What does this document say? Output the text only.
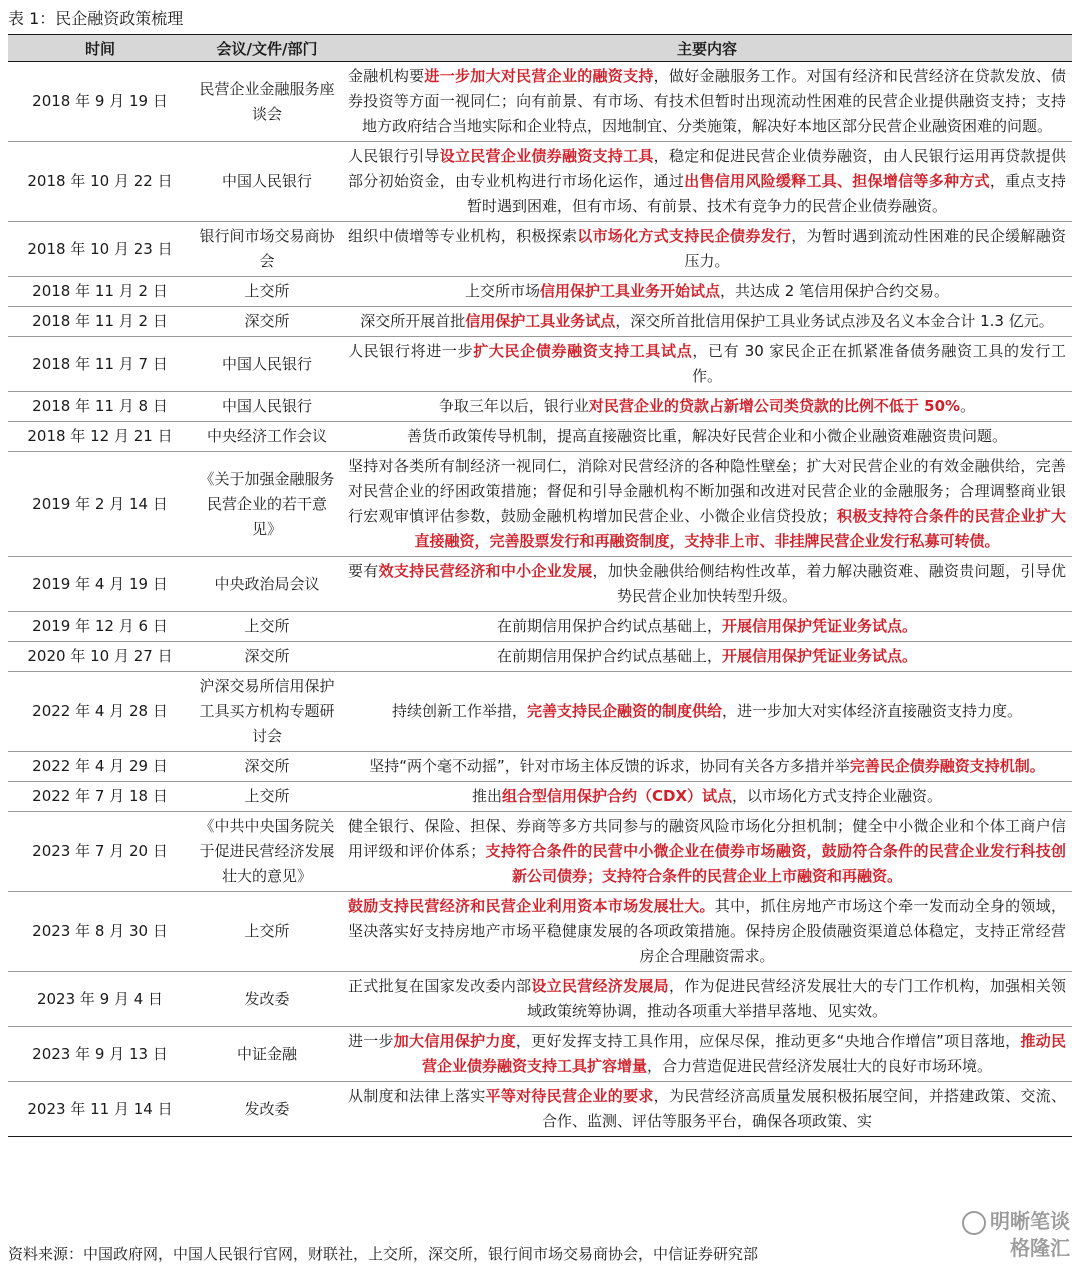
表 1：民企融资政策梳理
时间	会议/文件/部门	主要内容
2018 年 9 月 19 日	民营企业金融服务座谈会	金融机构要进一步加大对民营企业的融资支持，做好金融服务工作。对国有经济和民营经济在贷款发放、债券投资等方面一视同仁；向有前景、有市场、有技术但暂时出现流动性困难的民营企业提供融资支持；支持地方政府结合当地实际和企业特点，因地制宜、分类施策，解决好本地区部分民营企业融资困难的问题。
2018 年 10 月 22 日	中国人民银行	人民银行引导设立民营企业债券融资支持工具，稳定和促进民营企业债券融资，由人民银行运用再贷款提供部分初始资金，由专业机构进行市场化运作，通过出售信用风险缓释工具、担保增信等多种方式，重点支持暂时遇到困难，但有市场、有前景、技术有竞争力的民营企业债券融资。
2018 年 10 月 23 日	银行间市场交易商协会	组织中债增等专业机构，积极探索以市场化方式支持民企债券发行，为暂时遇到流动性困难的民企缓解融资压力。
2018 年 11 月 2 日	上交所	上交所市场信用保护工具业务开始试点，共达成 2 笔信用保护合约交易。
2018 年 11 月 2 日	深交所	深交所开展首批信用保护工具业务试点，深交所首批信用保护工具业务试点涉及名义本金合计 1.3 亿元。
2018 年 11 月 7 日	中国人民银行	人民银行将进一步扩大民企债券融资支持工具试点，已有 30 家民企正在抓紧准备债务融资工具的发行工作。
2018 年 11 月 8 日	中国人民银行	争取三年以后，银行业对民营企业的贷款占新增公司类贷款的比例不低于 50%。
2018 年 12 月 21 日	中央经济工作会议	善货币政策传导机制，提高直接融资比重，解决好民营企业和小微企业融资难融资贵问题。
2019 年 2 月 14 日	《关于加强金融服务民营企业的若干意见》	坚持对各类所有制经济一视同仁，消除对民营经济的各种隐性壁垒；扩大对民营企业的有效金融供给，完善对民营企业的纾困政策措施；督促和引导金融机构不断加强和改进对民营企业的金融服务；合理调整商业银行宏观审慎评估参数，鼓励金融机构增加民营企业、小微企业信贷投放；积极支持符合条件的民营企业扩大直接融资，完善股票发行和再融资制度，支持非上市、非挂牌民营企业发行私募可转债。
2019 年 4 月 19 日	中央政治局会议	要有效支持民营经济和中小企业发展，加快金融供给侧结构性改革，着力解决融资难、融资贵问题，引导优势民营企业加快转型升级。
2019 年 12 月 6 日	上交所	在前期信用保护合约试点基础上，开展信用保护凭证业务试点。
2020 年 10 月 27 日	深交所	在前期信用保护合约试点基础上，开展信用保护凭证业务试点。
2022 年 4 月 28 日	沪深交易所信用保护工具买方机构专题研讨会	持续创新工作举措，完善支持民企融资的制度供给，进一步加大对实体经济直接融资支持力度。
2022 年 4 月 29 日	深交所	坚持“两个毫不动摇”，针对市场主体反馈的诉求，协同有关各方多措并举完善民企债券融资支持机制。
2022 年 7 月 18 日	上交所	推出组合型信用保护合约（CDX）试点，以市场化方式支持企业融资。
2023 年 7 月 20 日	《中共中央国务院关于促进民营经济发展壮大的意见》	健全银行、保险、担保、券商等多方共同参与的融资风险市场化分担机制；健全中小微企业和个体工商户信用评级和评价体系；支持符合条件的民营中小微企业在债券市场融资，鼓励符合条件的民营企业发行科技创新公司债券；支持符合条件的民营企业上市融资和再融资。
2023 年 8 月 30 日	上交所	鼓励支持民营经济和民营企业利用资本市场发展壮大。其中，抓住房地产市场这个牵一发而动全身的领域，坚决落实好支持房地产市场平稳健康发展的各项政策措施。保持房企股债融资渠道总体稳定，支持正常经营房企合理融资需求。
2023 年 9 月 4 日	发改委	正式批复在国家发改委内部设立民营经济发展局，作为促进民营经济发展壮大的专门工作机构，加强相关领域政策统筹协调，推动各项重大举措早落地、见实效。
2023 年 9 月 13 日	中证金融	进一步加大信用保护力度，更好发挥支持工具作用，应保尽保，推动更多“央地合作增信”项目落地，推动民营企业债券融资支持工具扩容增量，合力营造促进民营经济发展壮大的良好市场环境。
2023 年 11 月 14 日	发改委	从制度和法律上落实平等对待民营企业的要求，为民营经济高质量发展积极拓展空间，并搭建政策、交流、合作、监测、评估等服务平台，确保各项政策、实
资料来源：中国政府网，中国人民银行官网，财联社，上交所，深交所，银行间市场交易商协会，中信证券研究部
明晰笔谈
格隆汇
